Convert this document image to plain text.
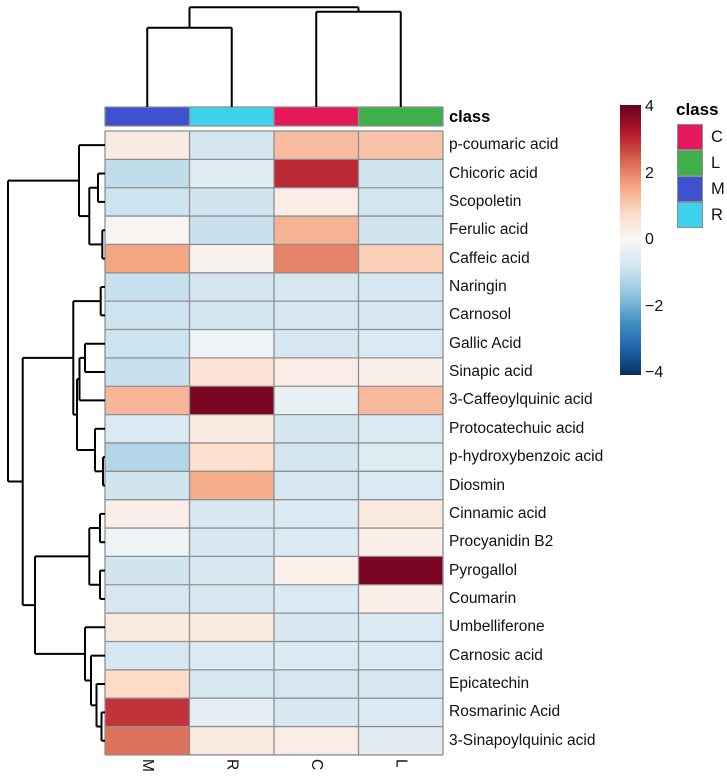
p-coumaric acid
Chicoric acid
Scopoletin
Ferulic acid
Caffeic acid
Naringin
Carnosol
Gallic Acid
Sinapic acid
3-Caffeoylquinic acid
Protocatechuic acid
p-hydroxybenzoic acid
Diosmin
Cinnamic acid
Procyanidin B2
Pyrogallol
Coumarin
Umbelliferone
Carnosic acid
Epicatechin
Rosmarinic Acid
3-Sinapoylquinic acid
M	R	C	L
class
4
2
0
−2
−4
class
C
L
M
R
